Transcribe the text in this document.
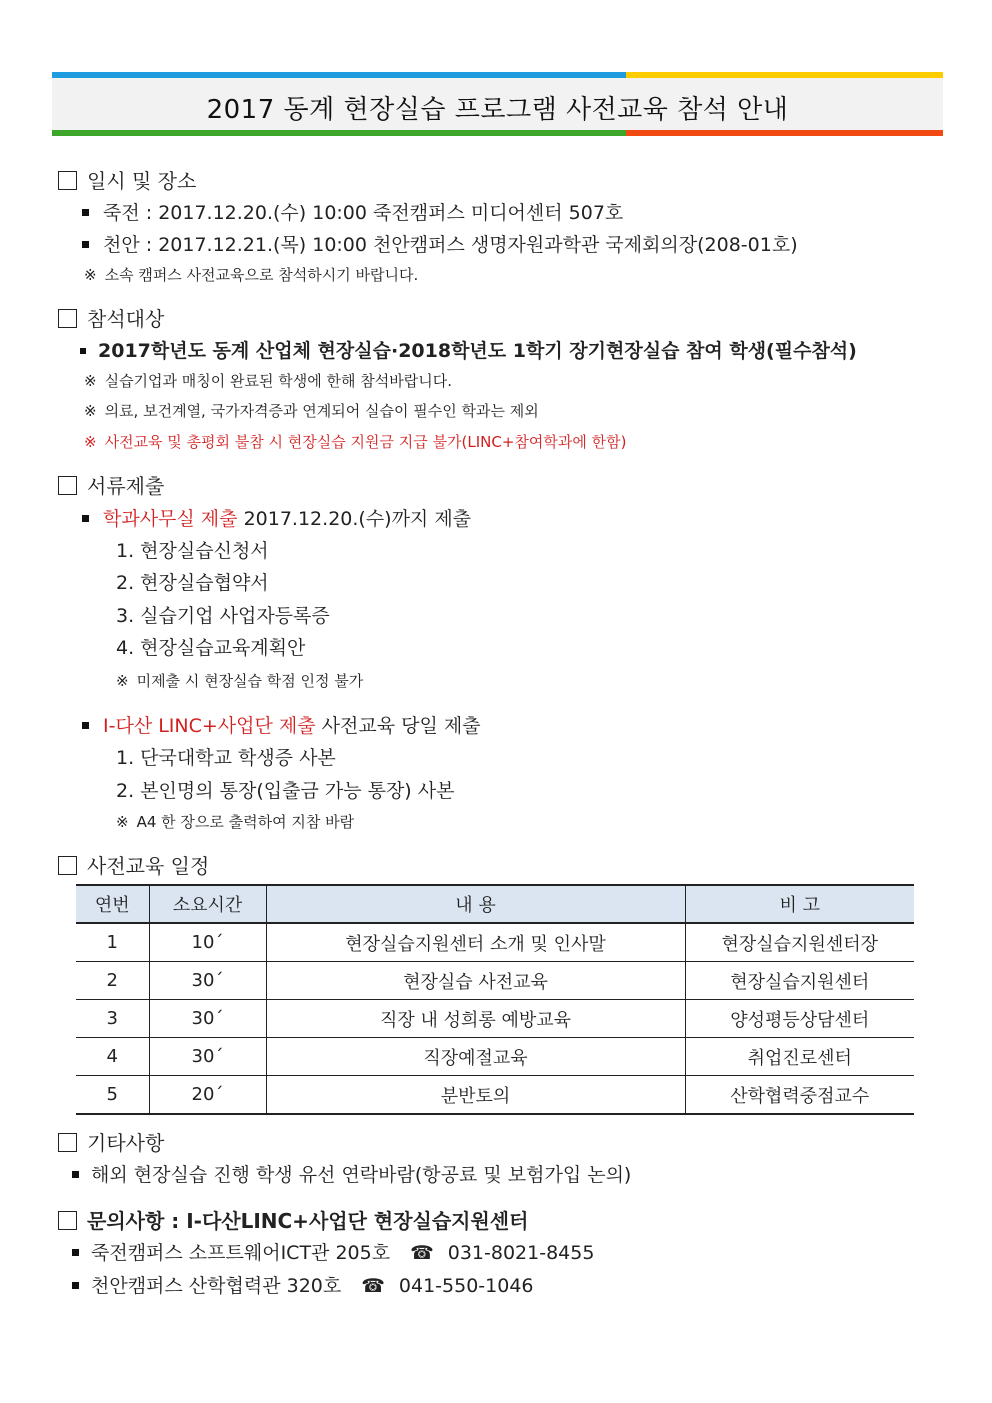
2017 동계 현장실습 프로그램 사전교육 참석 안내
일시 및 장소
죽전 : 2017.12.20.(수) 10:00 죽전캠퍼스 미디어센터 507호
천안 : 2017.12.21.(목) 10:00 천안캠퍼스 생명자원과학관 국제회의장(208-01호)
※ 소속 캠퍼스 사전교육으로 참석하시기 바랍니다.
참석대상
2017학년도 동계 산업체 현장실습·2018학년도 1학기 장기현장실습 참여 학생(필수참석)
※ 실습기업과 매칭이 완료된 학생에 한해 참석바랍니다.
※ 의료, 보건계열, 국가자격증과 연계되어 실습이 필수인 학과는 제외
※ 사전교육 및 총평회 불참 시 현장실습 지원금 지급 불가(LINC+참여학과에 한함)
서류제출
학과사무실 제출 2017.12.20.(수)까지 제출
1. 현장실습신청서
2. 현장실습협약서
3. 실습기업 사업자등록증
4. 현장실습교육계획안
※ 미제출 시 현장실습 학점 인정 불가
I-다산 LINC+사업단 제출 사전교육 당일 제출
1. 단국대학교 학생증 사본
2. 본인명의 통장(입출금 가능 통장) 사본
※ A4 한 장으로 출력하여 지참 바람
사전교육 일정
연번	소요시간	내 용	비 고
1	10´	현장실습지원센터 소개 및 인사말	현장실습지원센터장
2	30´	현장실습 사전교육	현장실습지원센터
3	30´	직장 내 성희롱 예방교육	양성평등상담센터
4	30´	직장예절교육	취업진로센터
5	20´	분반토의	산학협력중점교수
기타사항
해외 현장실습 진행 학생 유선 연락바람(항공료 및 보험가입 논의)
문의사항 : I-다산LINC+사업단 현장실습지원센터
죽전캠퍼스 소프트웨어ICT관 205호 ☎ 031-8021-8455
천안캠퍼스 산학협력관 320호 ☎ 041-550-1046
